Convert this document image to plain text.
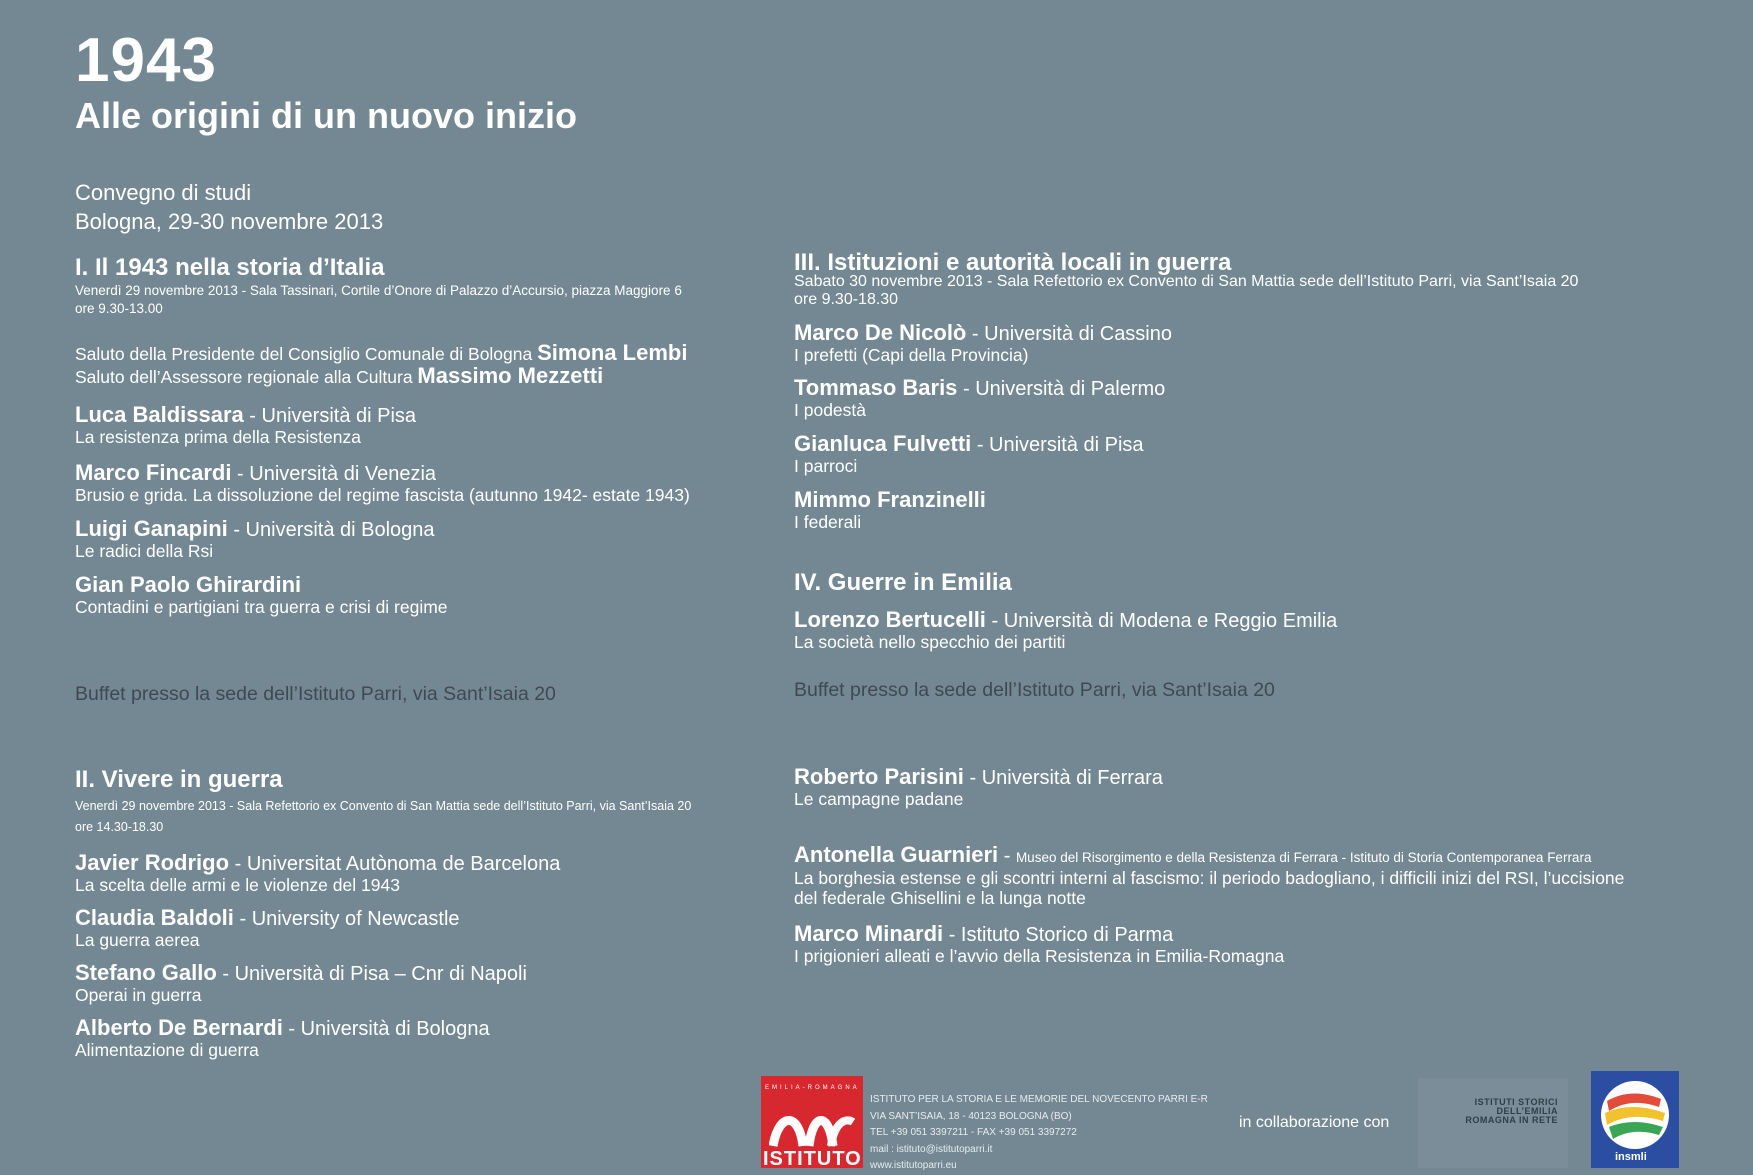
1943
Alle origini di un nuovo inizio
Convegno di studi
Bologna, 29-30 novembre 2013
I. Il 1943 nella storia d’Italia
Venerdì 29 novembre 2013 - Sala Tassinari, Cortile d’Onore di Palazzo d’Accursio, piazza Maggiore 6
ore 9.30-13.00
Saluto della Presidente del Consiglio Comunale di Bologna Simona Lembi
Saluto dell’Assessore regionale alla Cultura Massimo Mezzetti
Luca Baldissara - Università di Pisa
La resistenza prima della Resistenza
Marco Fincardi - Università di Venezia
Brusio e grida. La dissoluzione del regime fascista (autunno 1942- estate 1943)
Luigi Ganapini - Università di Bologna
Le radici della Rsi
Gian Paolo Ghirardini
Contadini e partigiani tra guerra e crisi di regime
Buffet presso la sede dell’Istituto Parri, via Sant’Isaia 20
II. Vivere in guerra
Venerdì 29 novembre 2013 - Sala Refettorio ex Convento di San Mattia sede dell’Istituto Parri, via Sant’Isaia 20
ore 14.30-18.30
Javier Rodrigo - Universitat Autònoma de Barcelona
La scelta delle armi e le violenze del 1943
Claudia Baldoli - University of Newcastle
La guerra aerea
Stefano Gallo - Università di Pisa – Cnr di Napoli
Operai in guerra
Alberto De Bernardi - Università di Bologna
Alimentazione di guerra
III. Istituzioni e autorità locali in guerra
Sabato 30 novembre 2013 - Sala Refettorio ex Convento di San Mattia sede dell’Istituto Parri, via Sant’Isaia 20
ore 9.30-18.30
Marco De Nicolò - Università di Cassino
I prefetti (Capi della Provincia)
Tommaso Baris - Università di Palermo
I podestà
Gianluca Fulvetti - Università di Pisa
I parroci
Mimmo Franzinelli
I federali
IV. Guerre in Emilia
Lorenzo Bertucelli - Università di Modena e Reggio Emilia
La società nello specchio dei partiti
Buffet presso la sede dell’Istituto Parri, via Sant’Isaia 20
Roberto Parisini - Università di Ferrara
Le campagne padane
Antonella Guarnieri - Museo del Risorgimento e della Resistenza di Ferrara - Istituto di Storia Contemporanea Ferrara
La borghesia estense e gli scontri interni al fascismo: il periodo badogliano, i difficili inizi del RSI, l’uccisione
del federale Ghisellini e la lunga notte
Marco Minardi - Istituto Storico di Parma
I prigionieri alleati e l’avvio della Resistenza in Emilia-Romagna
EMILIA-ROMAGNA
ISTITUTO
ISTITUTO PER LA STORIA E LE MEMORIE DEL NOVECENTO PARRI E-R
VIA SANT’ISAIA, 18 - 40123 BOLOGNA (BO)
TEL +39 051 3397211 - FAX +39 051 3397272
mail : istituto@istitutoparri.it
www.istitutoparri.eu
in collaborazione con
ISTITUTI STORICI DELL’EMILIA ROMAGNA IN RETE
insmli
